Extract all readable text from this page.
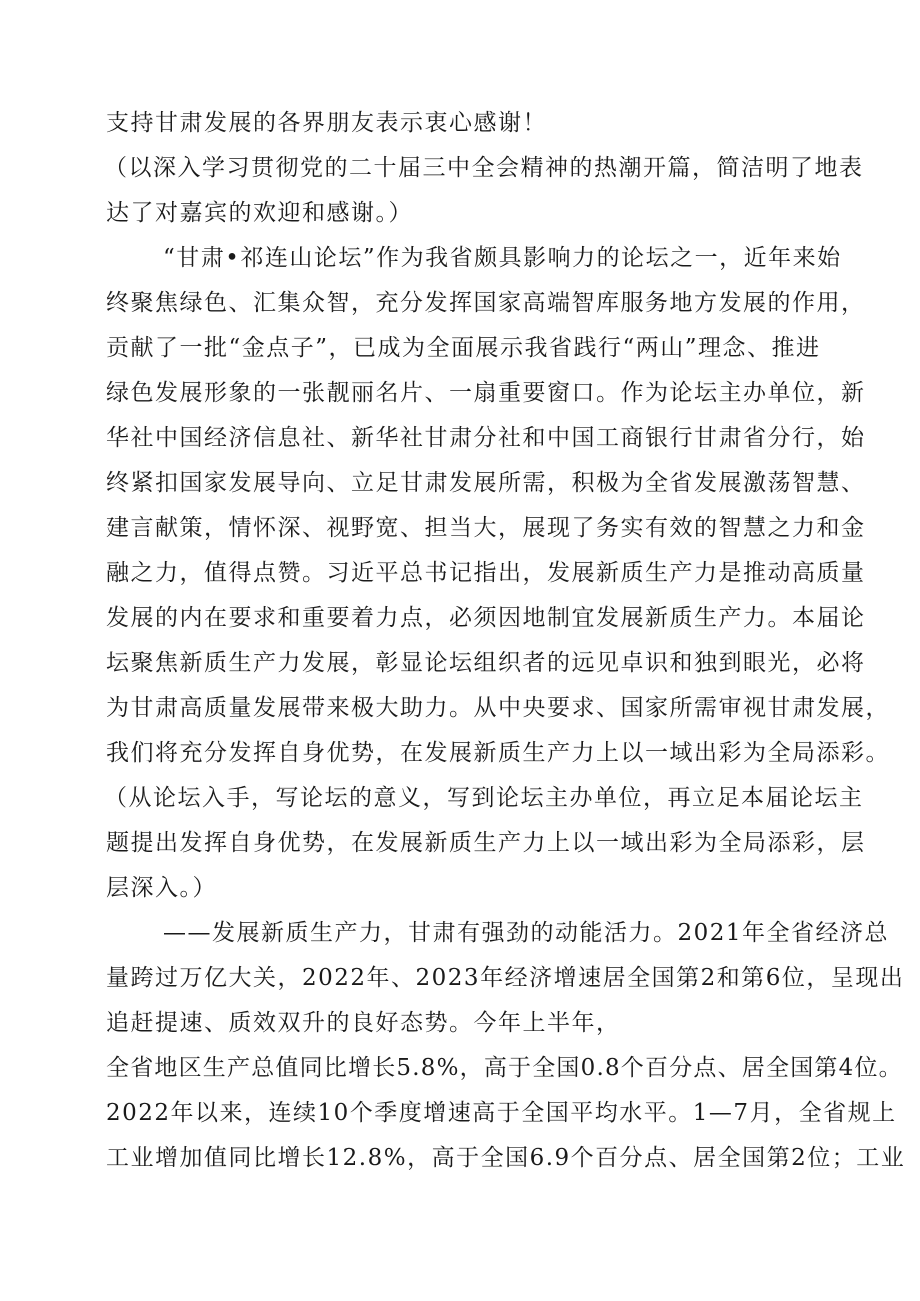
支持甘肃发展的各界朋友表示衷心感谢！
（以深入学习贯彻党的二十届三中全会精神的热潮开篇，简洁明了地表
达了对嘉宾的欢迎和感谢。）
“甘肃•祁连山论坛”作为我省颇具影响力的论坛之一，近年来始
终聚焦绿色、汇集众智，充分发挥国家高端智库服务地方发展的作用，
贡献了一批“金点子”，已成为全面展示我省践行“两山”理念、推进
绿色发展形象的一张靓丽名片、一扇重要窗口。作为论坛主办单位，新
华社中国经济信息社、新华社甘肃分社和中国工商银行甘肃省分行，始
终紧扣国家发展导向、立足甘肃发展所需，积极为全省发展激荡智慧、
建言献策，情怀深、视野宽、担当大，展现了务实有效的智慧之力和金
融之力，值得点赞。习近平总书记指出，发展新质生产力是推动高质量
发展的内在要求和重要着力点，必须因地制宜发展新质生产力。本届论
坛聚焦新质生产力发展，彰显论坛组织者的远见卓识和独到眼光，必将
为甘肃高质量发展带来极大助力。从中央要求、国家所需审视甘肃发展，
我们将充分发挥自身优势，在发展新质生产力上以一域出彩为全局添彩。
（从论坛入手，写论坛的意义，写到论坛主办单位，再立足本届论坛主
题提出发挥自身优势，在发展新质生产力上以一域出彩为全局添彩，层
层深入。）
——发展新质生产力，甘肃有强劲的动能活力。2021年全省经济总
量跨过万亿大关，2022年、2023年经济增速居全国第2和第6位，呈现出
追赶提速、质效双升的良好态势。今年上半年，
全省地区生产总值同比增长5.8%，高于全国0.8个百分点、居全国第4位。
2022年以来，连续10个季度增速高于全国平均水平。1—7月，全省规上
工业增加值同比增长12.8%，高于全国6.9个百分点、居全国第2位；工业
